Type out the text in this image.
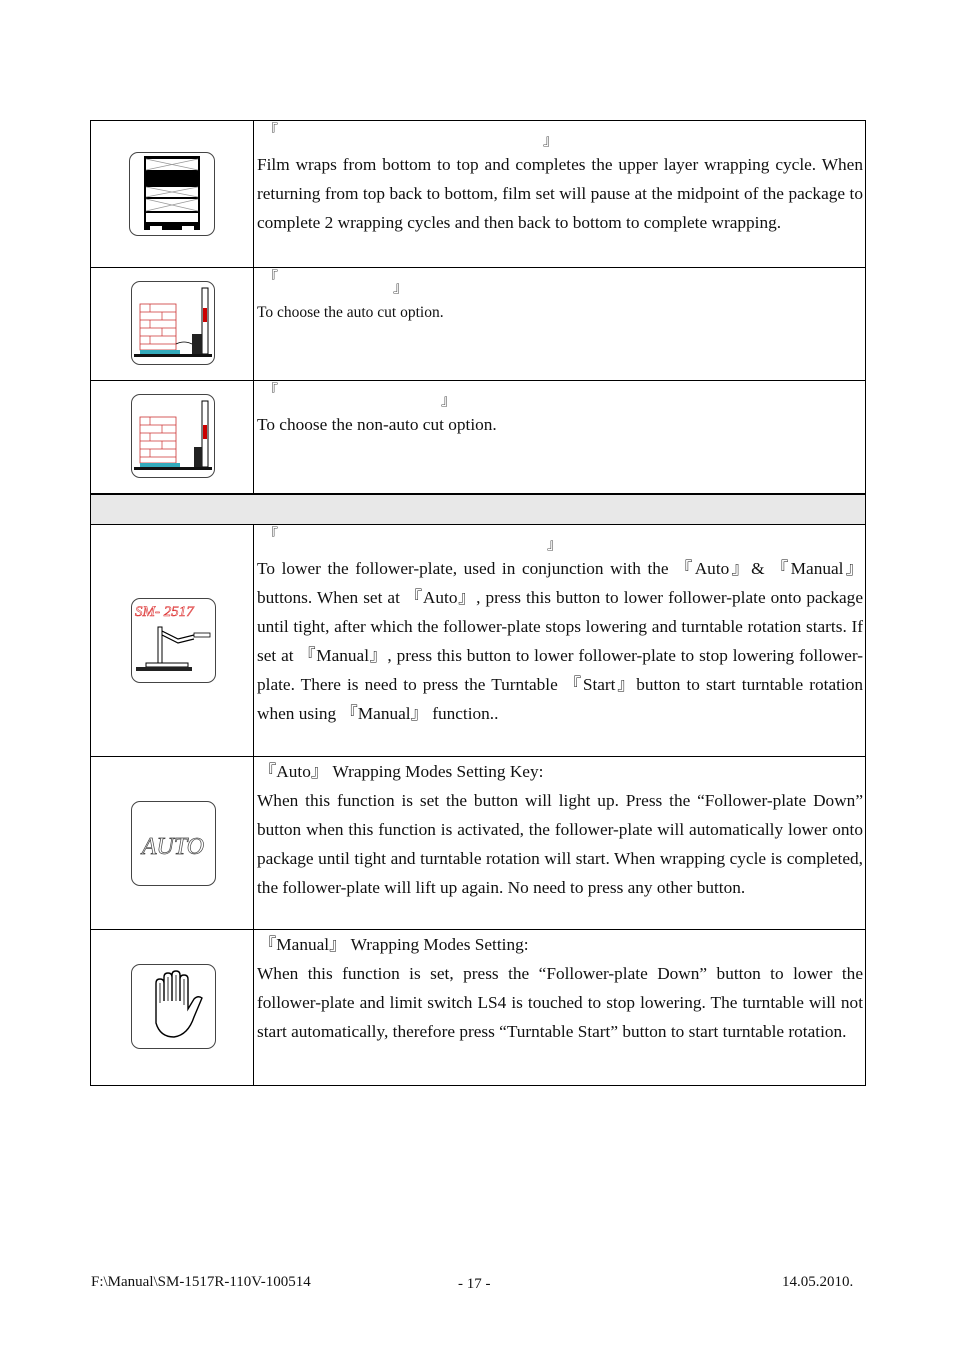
『
』
Film wraps from bottom to top and completes the upper layer wrapping cycle. When returning from top back to bottom, film set will pause at the midpoint of the package to complete 2 wrapping cycles and then back to bottom to complete wrapping.
『
』
To choose the auto cut option.
『
』
To choose the non-auto cut option.
SM- 2517
『
』
To lower the follower-plate, used in conjunction with the 『Auto』& 『Manual』 buttons. When set at 『Auto』, press this button to lower follower-plate onto package until tight, after which the follower-plate stops lowering and turntable rotation starts. If set at 『Manual』, press this button to lower follower-plate to stop lowering follower-plate. There is need to press the Turntable 『Start』button to start turntable rotation when using 『Manual』 function..
AUTO
『Auto』 Wrapping Modes Setting Key:
When this function is set the button will light up. Press the “Follower-plate Down” button when this function is activated, the follower-plate will automatically lower onto package until tight and turntable rotation will start. When wrapping cycle is completed, the follower-plate will lift up again. No need to press any other button.
『Manual』 Wrapping Modes Setting:
When this function is set, press the “Follower-plate Down” button to lower the follower-plate and limit switch LS4 is touched to stop lowering. The turntable will not start automatically, therefore press “Turntable Start” button to start turntable rotation.
F:\Manual\SM-1517R-110V-100514	- 17 -	14.05.2010.
